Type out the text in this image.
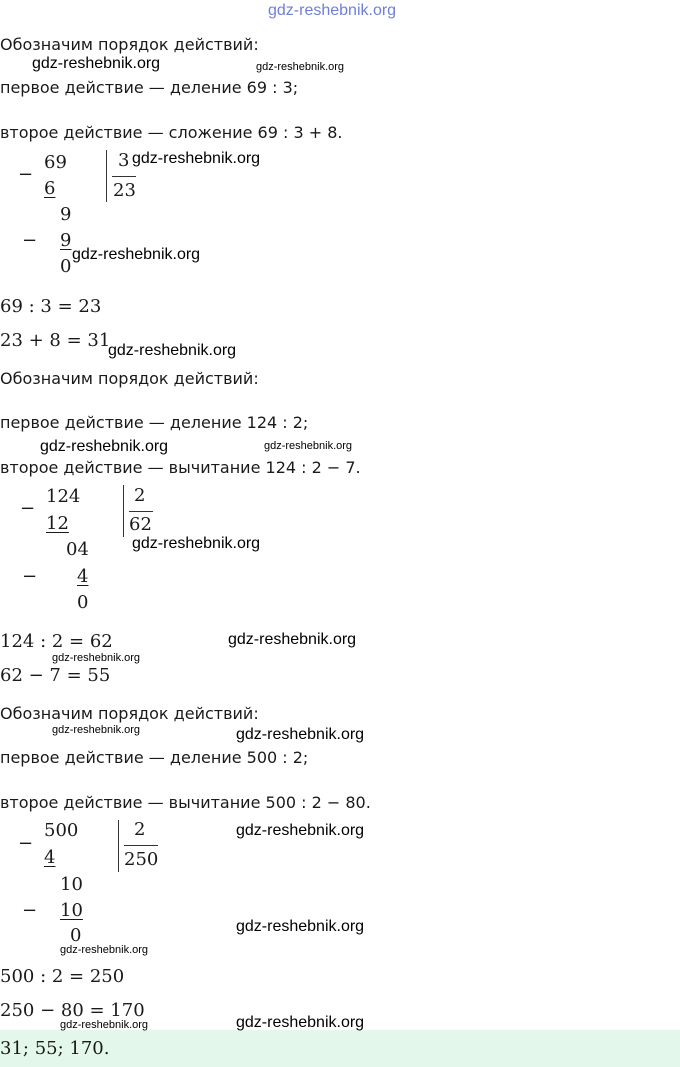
gdz-reshebnik.org
Обозначим порядок действий:
gdz-reshebnik.org	gdz-reshebnik.org
первое действие — деление 69 : 3;
второе действие — сложение 69 : 3 + 8.
−
69
6
3 gdz-reshebnik.org
23
9
− 9
0
gdz-reshebnik.org
69 : 3 = 23
23 + 8 = 31
gdz-reshebnik.org
Обозначим порядок действий:
первое действие — деление 124 : 2;
gdz-reshebnik.org	gdz-reshebnik.org
второе действие — вычитание 124 : 2 − 7.
−
124
12
2
62
gdz-reshebnik.org
04
− 4
0
124 : 2 = 62	gdz-reshebnik.org
gdz-reshebnik.org
62 − 7 = 55
Обозначим порядок действий:
gdz-reshebnik.org	gdz-reshebnik.org
первое действие — деление 500 : 2;
второе действие — вычитание 500 : 2 − 80.
−
500
4
2	gdz-reshebnik.org
250
10
− 10
gdz-reshebnik.org
0
gdz-reshebnik.org
500 : 2 = 250
250 − 80 = 170
gdz-reshebnik.org	gdz-reshebnik.org
31; 55; 170.
